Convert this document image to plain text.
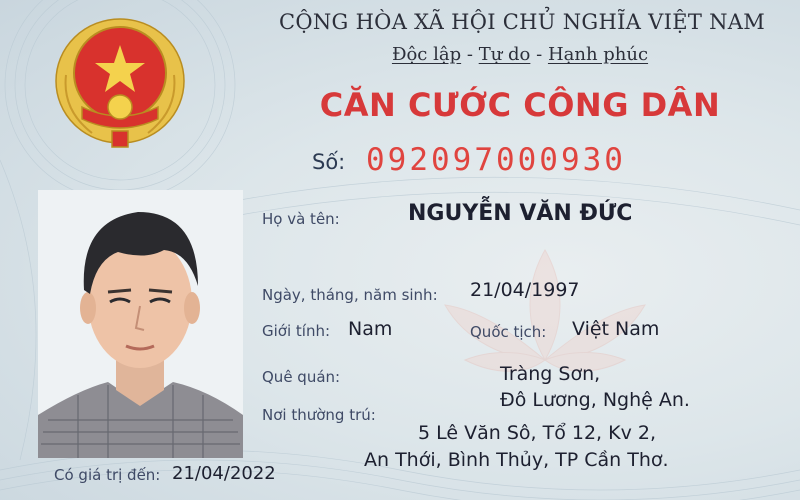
CỘNG HÒA XÃ HỘI CHỦ NGHĨA VIỆT NAM
Độc lập - Tự do - Hạnh phúc
CĂN CƯỚC CÔNG DÂN
Số: 092097000930
Họ và tên:	NGUYỄN VĂN ĐỨC
Ngày, tháng, năm sinh: 21/04/1997
Giới tính: Nam	Quốc tịch: Việt Nam
Quê quán:	Tràng Sơn,
Đô Lương, Nghệ An.
Nơi thường trú:
5 Lê Văn Sô, Tổ 12, Kv 2,
An Thới, Bình Thủy, TP Cần Thơ.
Có giá trị đến: 21/04/2022
